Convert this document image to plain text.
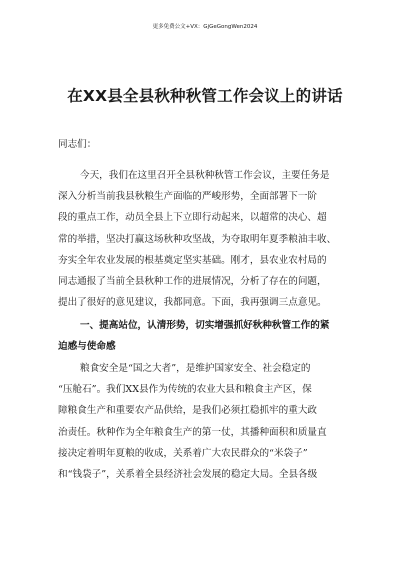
更多免费公文+VX：GjGeGongWen2024
在XX县全县秋种秋管工作会议上的讲话
同志们：
今天，我们在这里召开全县秋种秋管工作会议，主要任务是
深入分析当前我县秋粮生产面临的严峻形势，全面部署下一阶
段的重点工作，动员全县上下立即行动起来，以超常的决心、超
常的举措，坚决打赢这场秋种攻坚战，为夺取明年夏季粮油丰收、
夯实全年农业发展的根基奠定坚实基础。刚才，县农业农村局的
同志通报了当前全县秋种工作的进展情况，分析了存在的问题，
提出了很好的意见建议，我都同意。下面，我再强调三点意见。
一、提高站位，认清形势，切实增强抓好秋种秋管工作的紧
迫感与使命感
粮食安全是“国之大者”，是维护国家安全、社会稳定的
“压舱石”。我们XX县作为传统的农业大县和粮食主产区，保
障粮食生产和重要农产品供给，是我们必须扛稳抓牢的重大政
治责任。秋种作为全年粮食生产的第一仗，其播种面积和质量直
接决定着明年夏粮的收成，关系着广大农民群众的“米袋子”
和“钱袋子”，关系着全县经济社会发展的稳定大局。全县各级
